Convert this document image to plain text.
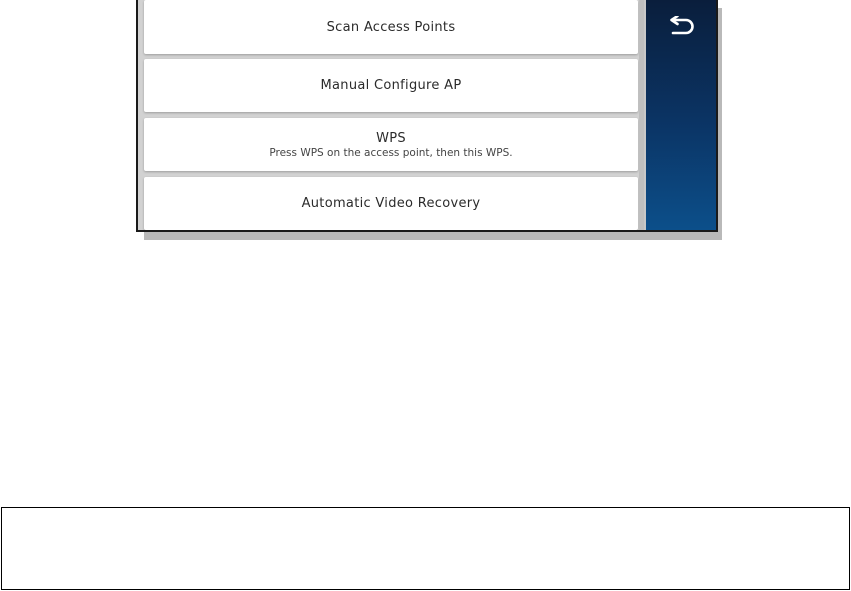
Scan Access Points
Manual Configure AP
WPS
Press WPS on the access point, then this WPS.
Automatic Video Recovery
